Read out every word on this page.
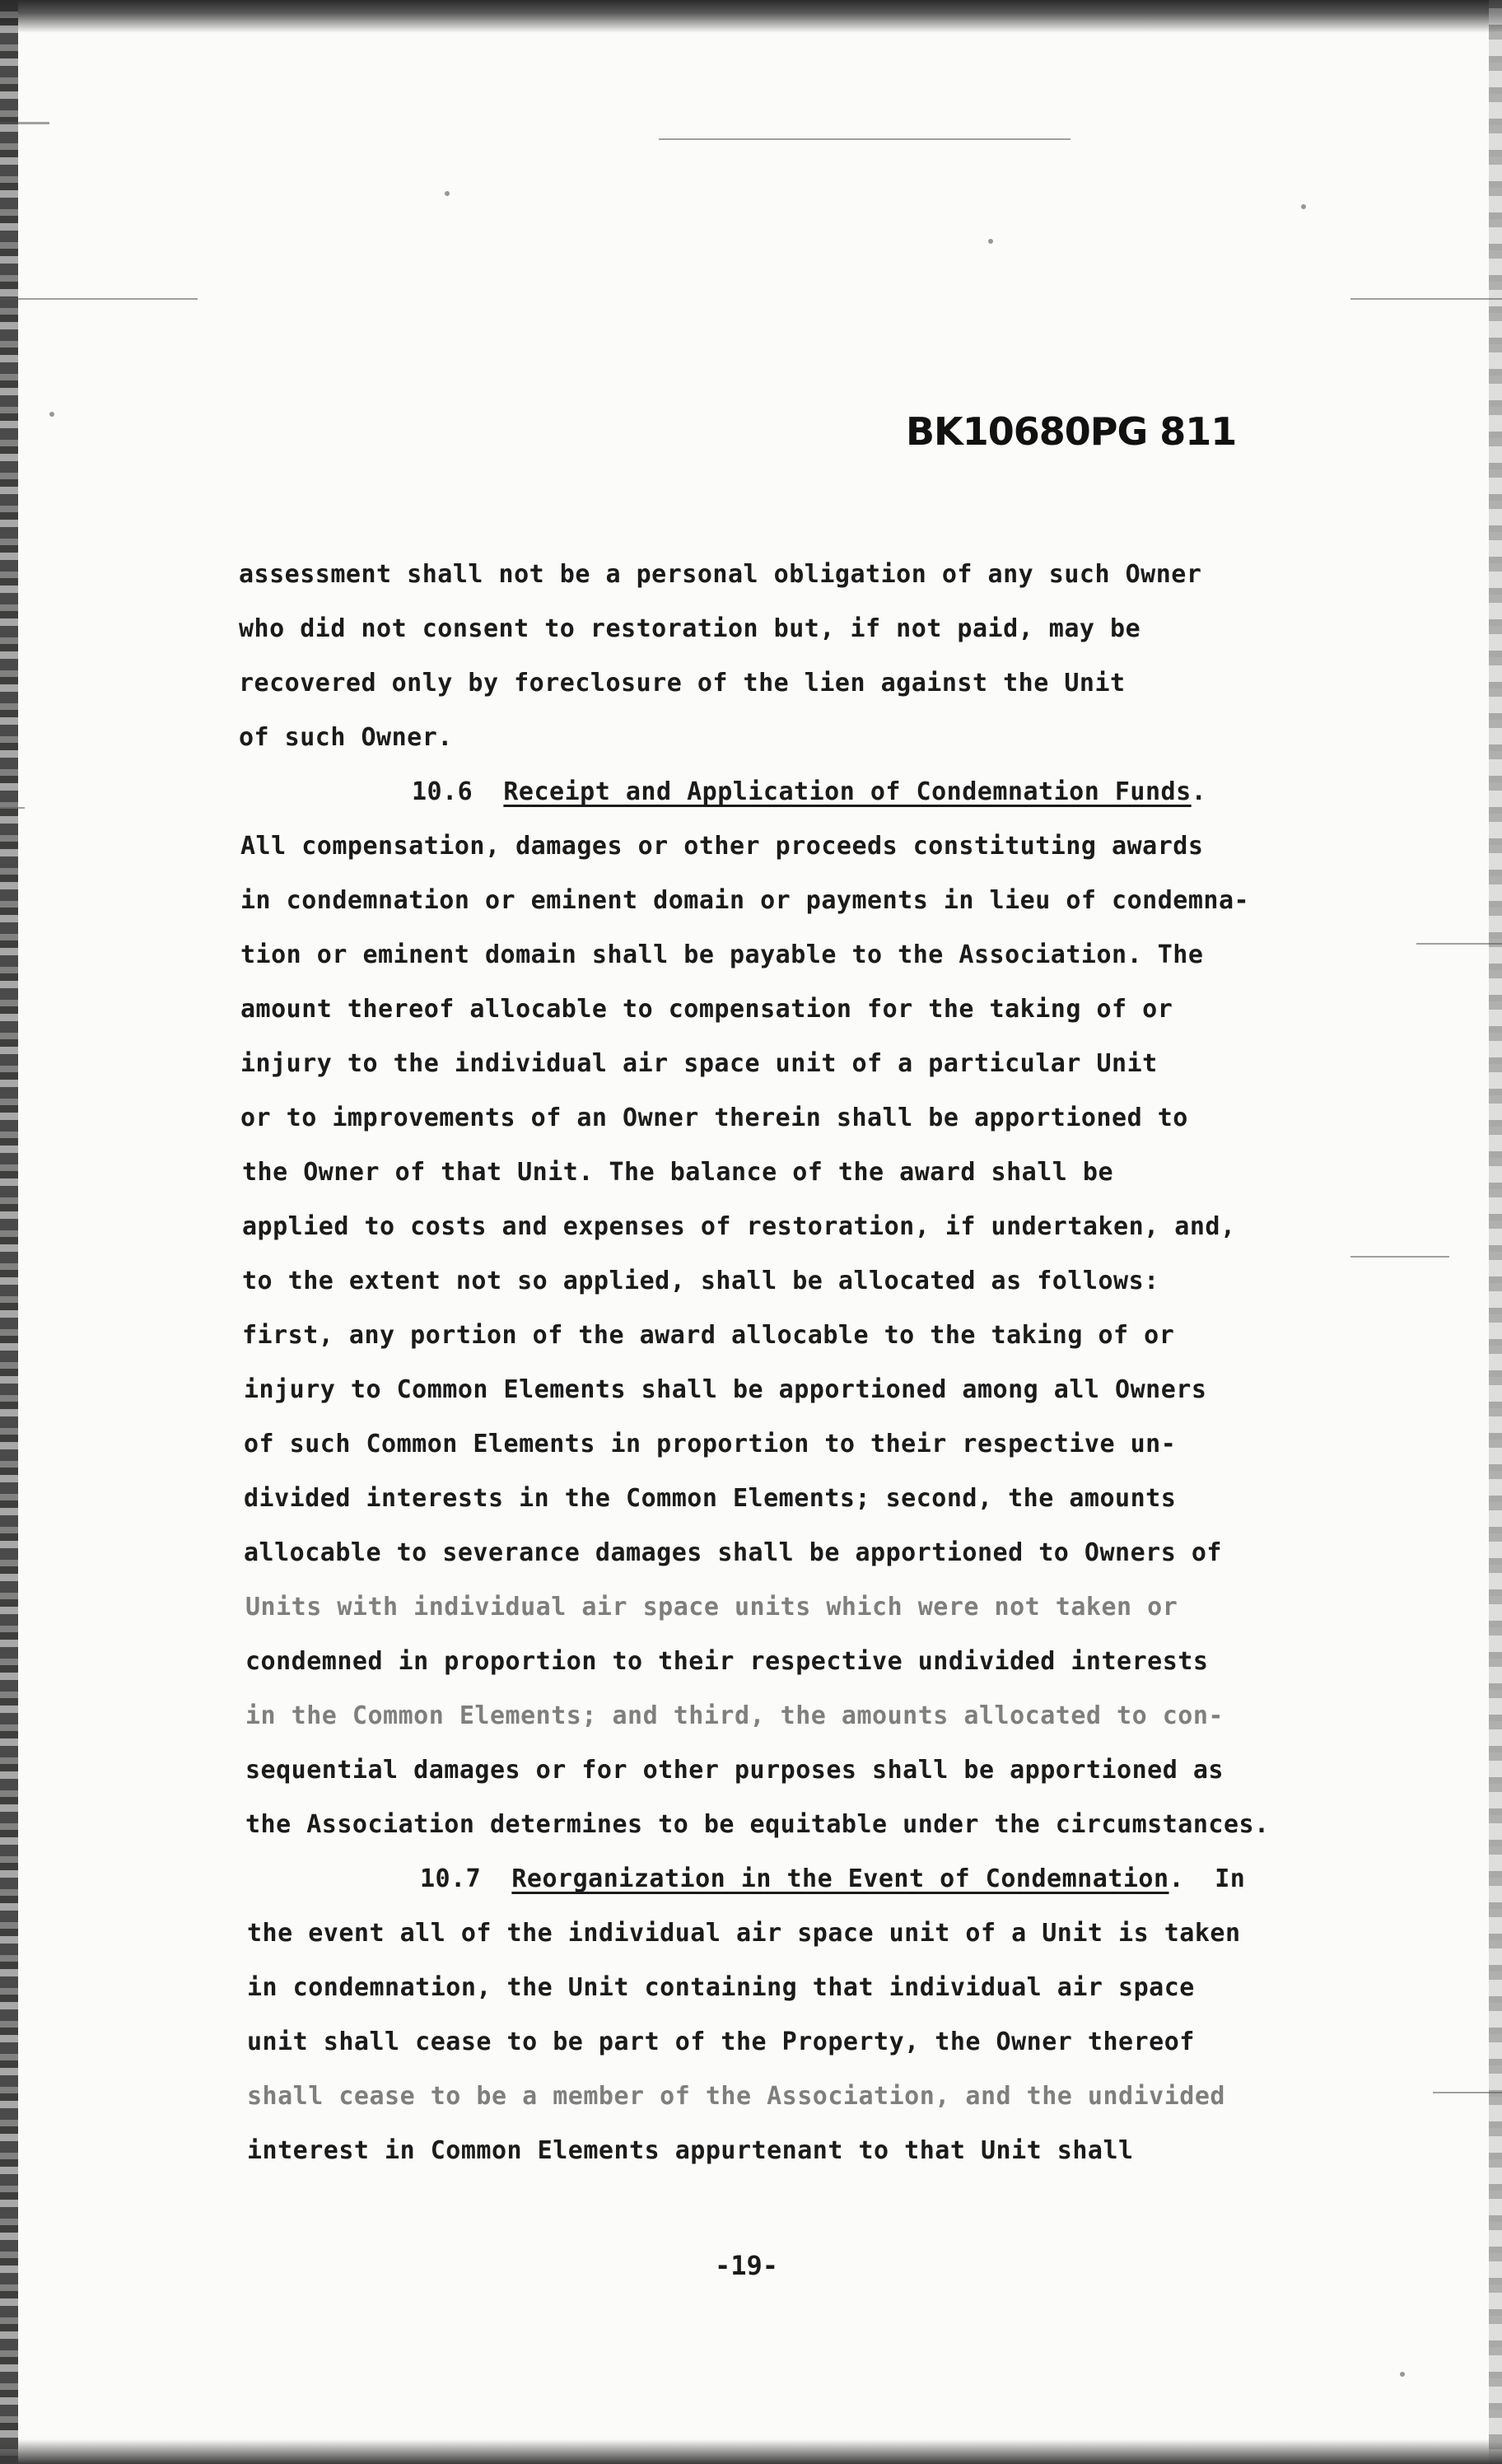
BK10680PG 811
assessment shall not be a personal obligation of any such Owner
who did not consent to restoration but, if not paid, may be
recovered only by foreclosure of the lien against the Unit
of such Owner.
10.6 Receipt and Application of Condemnation Funds.
All compensation, damages or other proceeds constituting awards
in condemnation or eminent domain or payments in lieu of condemna-
tion or eminent domain shall be payable to the Association. The
amount thereof allocable to compensation for the taking of or
injury to the individual air space unit of a particular Unit
or to improvements of an Owner therein shall be apportioned to
the Owner of that Unit. The balance of the award shall be
applied to costs and expenses of restoration, if undertaken, and,
to the extent not so applied, shall be allocated as follows:
first, any portion of the award allocable to the taking of or
injury to Common Elements shall be apportioned among all Owners
of such Common Elements in proportion to their respective un-
divided interests in the Common Elements; second, the amounts
allocable to severance damages shall be apportioned to Owners of
Units with individual air space units which were not taken or
condemned in proportion to their respective undivided interests
in the Common Elements; and third, the amounts allocated to con-
sequential damages or for other purposes shall be apportioned as
the Association determines to be equitable under the circumstances.
10.7 Reorganization in the Event of Condemnation. In
the event all of the individual air space unit of a Unit is taken
in condemnation, the Unit containing that individual air space
unit shall cease to be part of the Property, the Owner thereof
shall cease to be a member of the Association, and the undivided
interest in Common Elements appurtenant to that Unit shall
-19-
